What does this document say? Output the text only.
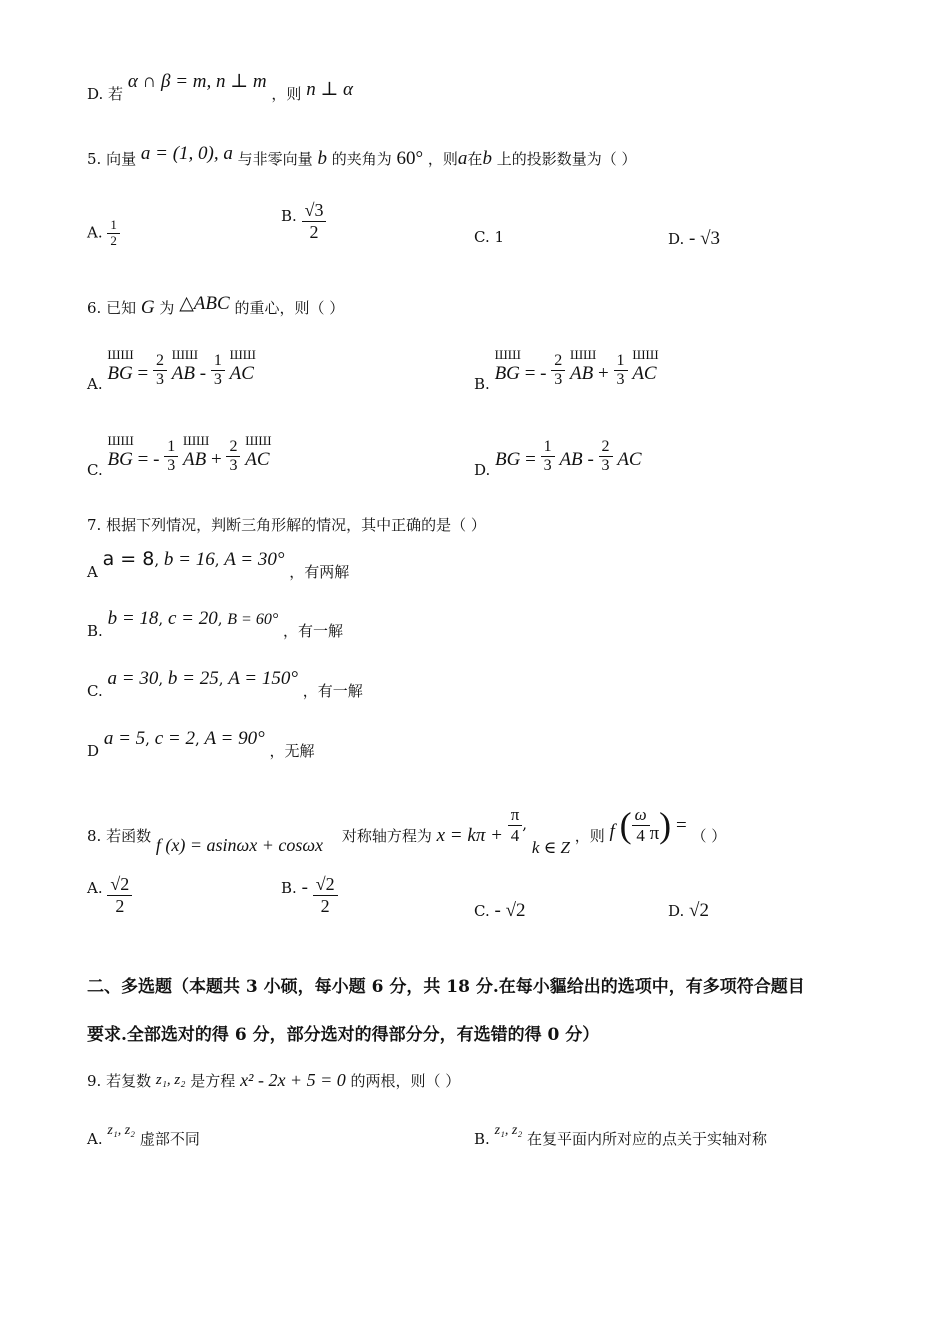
D. 若 α ∩ β = m, n ⊥ m ，则 n ⊥ α
5. 向量 a = (1, 0), a 与非零向量 b 的夹角为 60° ，则a在b 上的投影数量为（ ）
A. $\frac{1}{2}$
B. $\frac{√3}{2}$	C. 1	D. - √3
6. 已知 G 为 △ABC 的重心，则（ ）
A.
ШШ
BG = $\frac{2}{3}$
ШШ
AB - $\frac{1}{3}$
ШШ
AC	B.
ШШ
BG = - $\frac{2}{3}$
ШШ
AB + $\frac{1}{3}$
ШШ
AC
C.
ШШ
BG = - $\frac{1}{3}$
ШШ
AB + $\frac{2}{3}$
ШШ
AC	D. BG = $\frac{1}{3}$ AB - $\frac{2}{3}$ AC
7. 根据下列情况，判断三角形解的情况，其中正确的是（ ）
A a = 8, b = 16, A = 30° ，有两解
B. b = 18, c = 20, B = 60° ，有一解
C. a = 30, b = 25, A = 150° ，有一解
D a = 5, c = 2, A = 90° ，无解
8. 若函数 f (x) = asinωx + cosωx 对称轴方程为 $x = k\pi + \frac{\pi}{4}$ , k ∈ Z ，则 f ( $\frac{\omega}{4} \pi$) = （ ）
A. $\frac{√2}{2}$	B. - $\frac{√2}{2}$	C. - √2	D. √2
二、多选题（本题共 3 小硕，每小题 6 分，共 18 分.在每小貙给出的选项中，有多项符合题目
要求.全部选对的得 6 分，部分选对的得部分分，有选错的得 0 分）
9. 若复数 z₁, z₂ 是方程 x² - 2x + 5 = 0 的两根，则（ ）
A. z₁, z₂ 虚部不同	B. z₁, z₂ 在复平面内所对应的点关于实轴对称
